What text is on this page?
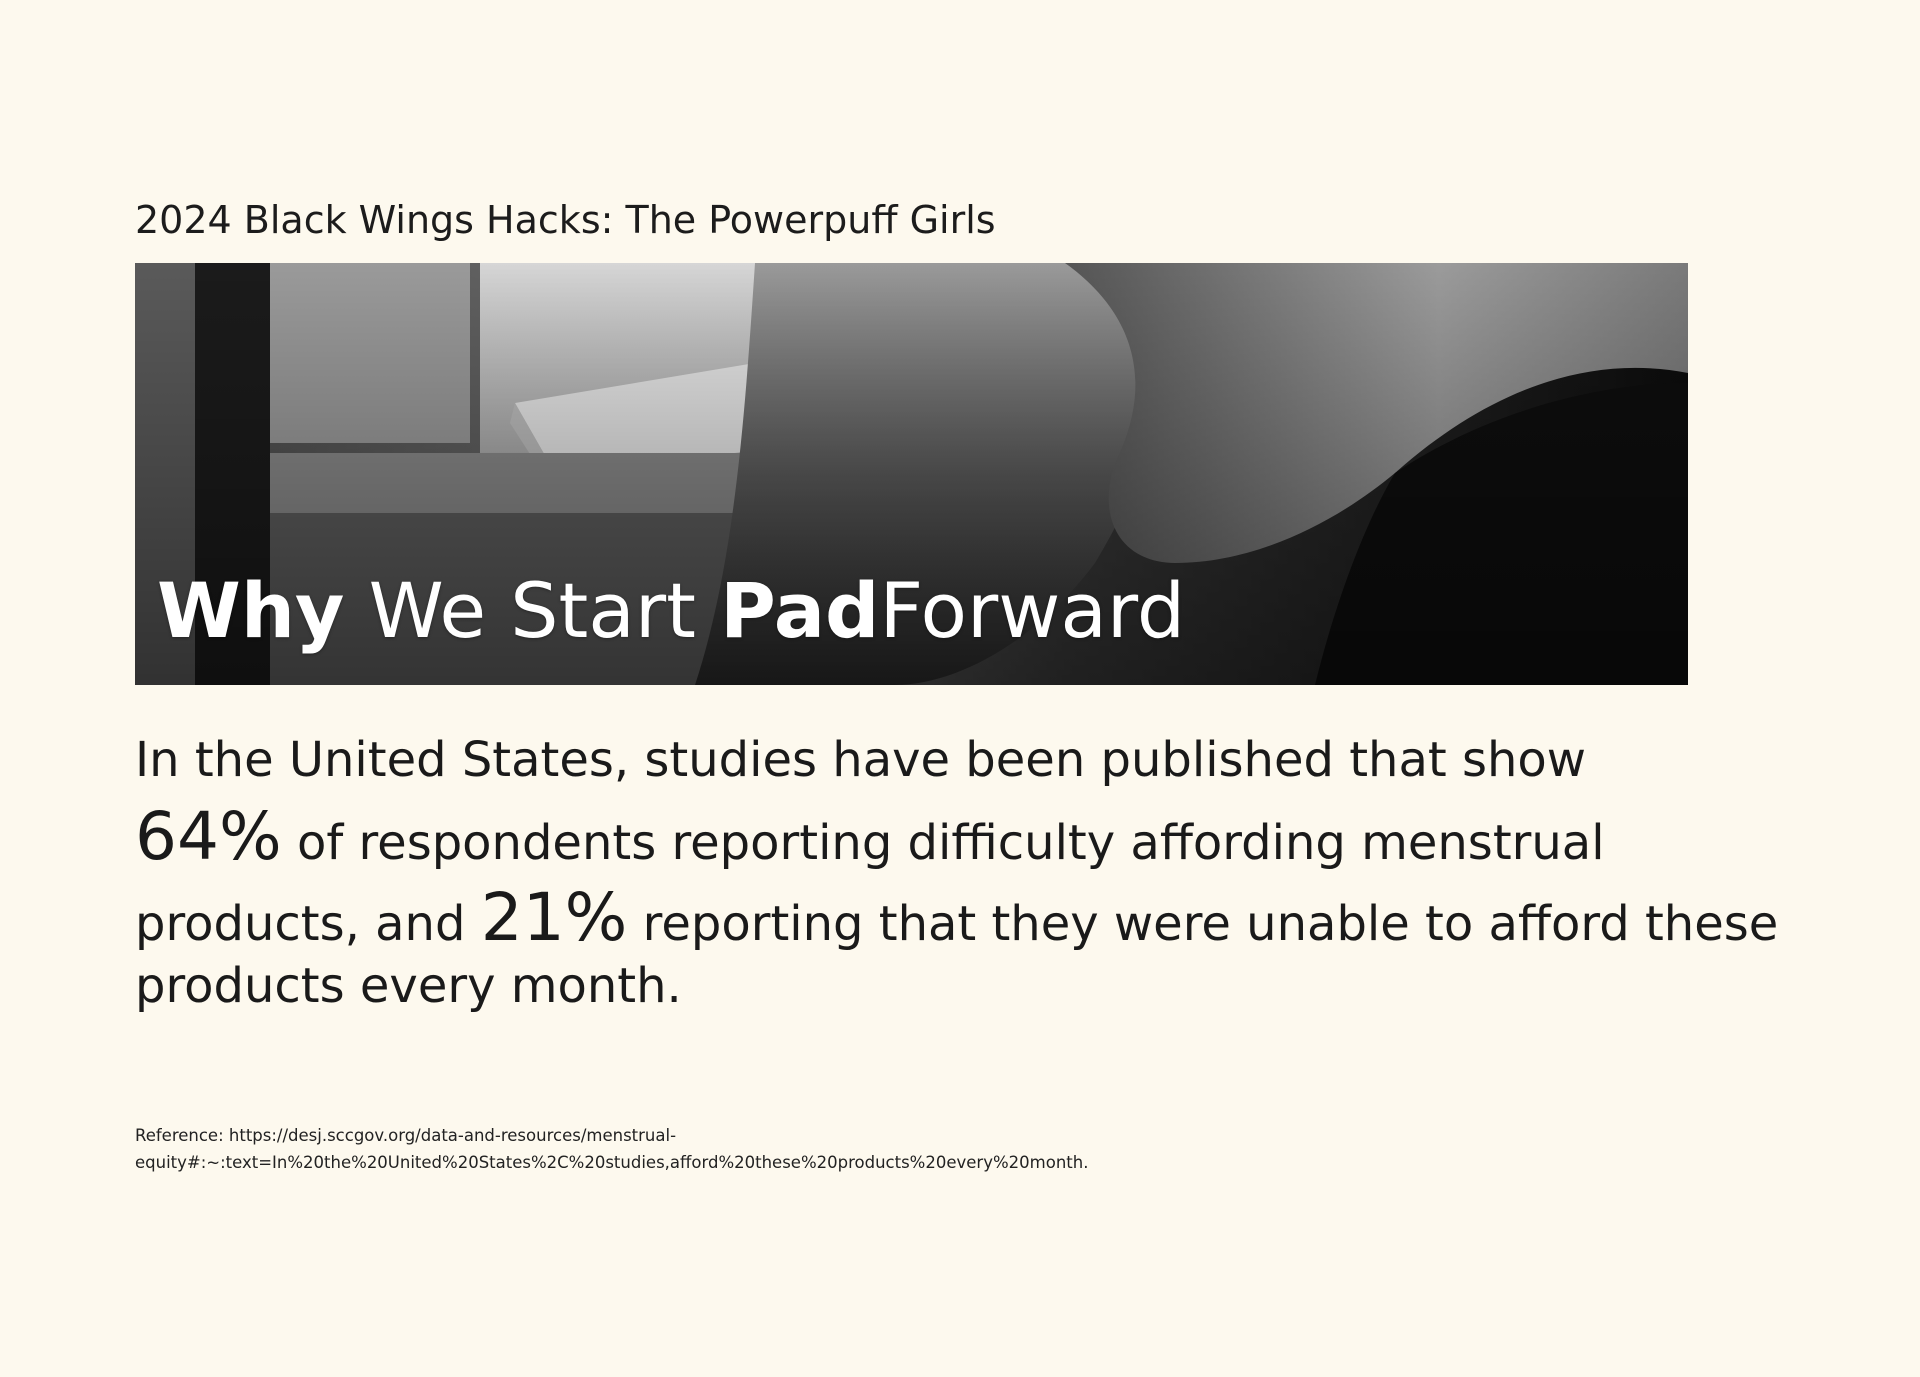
2024 Black Wings Hacks: The Powerpuff Girls
Why We Start PadForward
In the United States, studies have been published that show
64% of respondents reporting difficulty affording menstrual
products, and 21% reporting that they were unable to afford these
products every month.
Reference: https://desj.sccgov.org/data-and-resources/menstrual-
equity#:~:text=In%20the%20United%20States%2C%20studies,afford%20these%20products%20every%20month.
